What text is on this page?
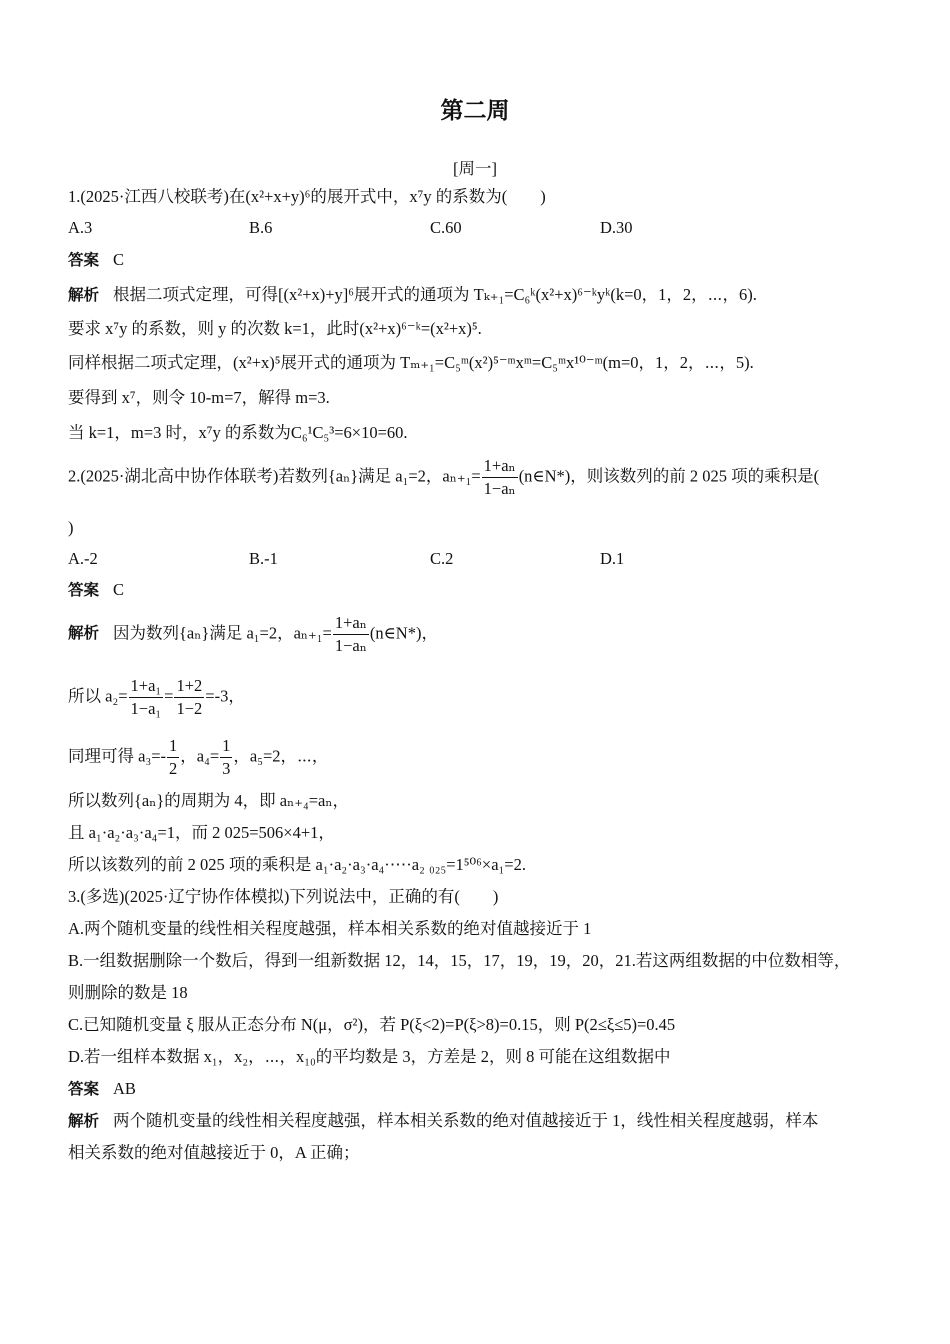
第二周
[周一]
1.(2025·江西八校联考)在(x²+x+y)⁶的展开式中，x⁷y 的系数为(　　)
A.3	B.6	C.60	D.30
答案 C
解析 根据二项式定理，可得[(x²+x)+y]⁶展开式的通项为 Tₖ₊₁=C₆ᵏ(x²+x)⁶⁻ᵏyᵏ(k=0，1，2，⋯，6).
要求 x⁷y 的系数，则 y 的次数 k=1，此时(x²+x)⁶⁻ᵏ=(x²+x)⁵.
同样根据二项式定理，(x²+x)⁵展开式的通项为 Tₘ₊₁=C₅ᵐ(x²)⁵⁻ᵐxᵐ=C₅ᵐx¹⁰⁻ᵐ(m=0，1，2，⋯，5).
要得到 x⁷，则令 10-m=7，解得 m=3.
当 k=1，m=3 时，x⁷y 的系数为C₆¹C₅³=6×10=60.
2.(2025·湖北高中协作体联考)若数列{aₙ}满足 a₁=2，$a_{n+1}= \frac{\text{1+aₙ}}{\text{1−aₙ}}$ (n∈N*)，则该数列的前 2 025 项的乘积是(
)
A.-2	B.-1	C.2	D.1
答案 C
解析 因为数列{aₙ}满足 a₁=2，$a_{n+1}= \frac{\text{1+aₙ}}{\text{1−aₙ}}$ (n∈N*)，
所以 $a_2= \frac{\text{1+a₁}}{\text{1−a₁}} = \frac{1+2}{1-2} =-3$，
同理可得 $a_3=- \frac{1}{2}$ ，$a_4= \frac{1}{3}$ ，a₅=2，⋯，
所以数列{aₙ}的周期为 4，即 aₙ₊₄=aₙ，
且 a₁·a₂·a₃·a₄=1，而 2 025=506×4+1，
所以该数列的前 2 025 项的乘积是 a₁·a₂·a₃·a₄·⋯·a₂ ₀₂₅=1⁵⁰⁶×a₁=2.
3.(多选)(2025·辽宁协作体模拟)下列说法中，正确的有(　　)
A.两个随机变量的线性相关程度越强，样本相关系数的绝对值越接近于 1
B.一组数据删除一个数后，得到一组新数据 12，14，15，17，19，19，20，21.若这两组数据的中位数相等，
则删除的数是 18
C.已知随机变量 ξ 服从正态分布 N(μ，σ²)，若 P(ξ<2)=P(ξ>8)=0.15，则 P(2≤ξ≤5)=0.45
D.若一组样本数据 x₁，x₂，⋯，x₁₀的平均数是 3，方差是 2，则 8 可能在这组数据中
答案 AB
解析 两个随机变量的线性相关程度越强，样本相关系数的绝对值越接近于 1，线性相关程度越弱，样本
相关系数的绝对值越接近于 0，A 正确；
